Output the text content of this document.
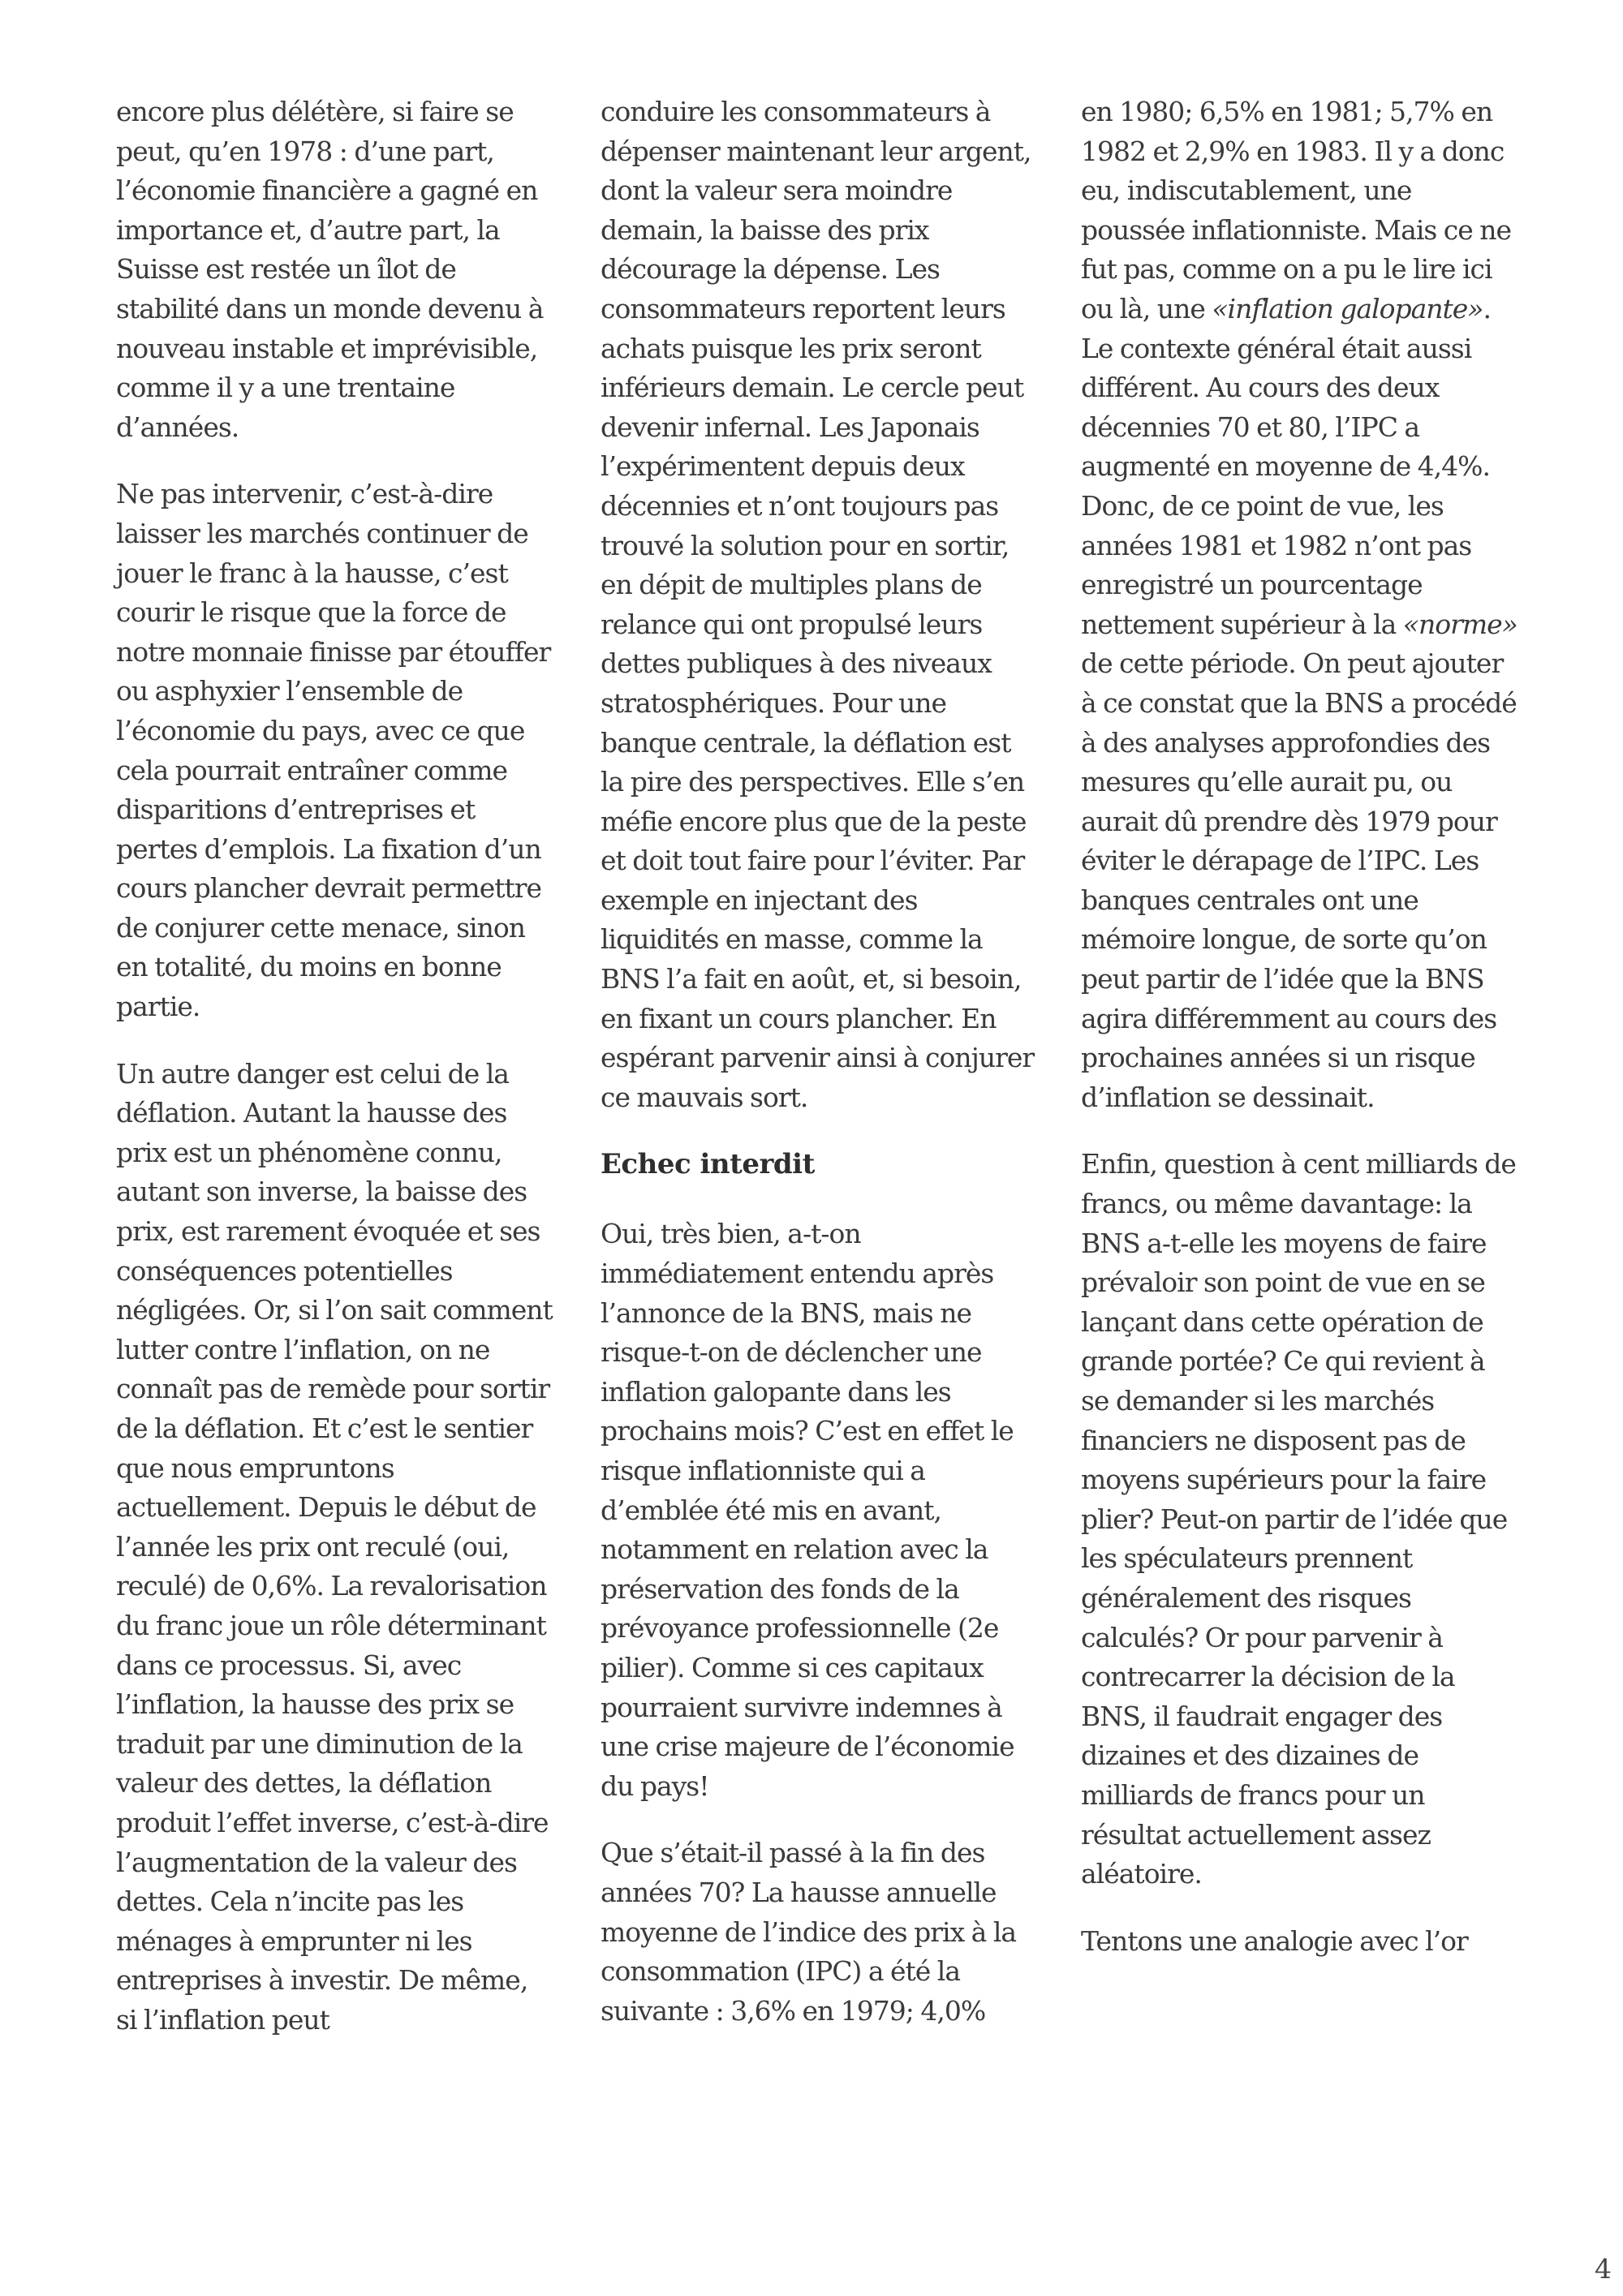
encore plus délétère, si faire se peut, qu’en 1978 : d’une part, l’économie financière a gagné en importance et, d’autre part, la Suisse est restée un îlot de stabilité dans un monde devenu à nouveau instable et imprévisible, comme il y a une trentaine d’années.

Ne pas intervenir, c’est-à-dire laisser les marchés continuer de jouer le franc à la hausse, c’est courir le risque que la force de notre monnaie finisse par étouffer ou asphyxier l’ensemble de l’économie du pays, avec ce que cela pourrait entraîner comme disparitions d’entreprises et pertes d’emplois. La fixation d’un cours plancher devrait permettre de conjurer cette menace, sinon en totalité, du moins en bonne partie.

Un autre danger est celui de la déflation. Autant la hausse des prix est un phénomène connu, autant son inverse, la baisse des prix, est rarement évoquée et ses conséquences potentielles négligées. Or, si l’on sait comment lutter contre l’inflation, on ne connaît pas de remède pour sortir de la déflation. Et c’est le sentier que nous empruntons actuellement. Depuis le début de l’année les prix ont reculé (oui, reculé) de 0,6%. La revalorisation du franc joue un rôle déterminant dans ce processus. Si, avec l’inflation, la hausse des prix se traduit par une diminution de la valeur des dettes, la déflation produit l’effet inverse, c’est-à-dire l’augmentation de la valeur des dettes. Cela n’incite pas les ménages à emprunter ni les entreprises à investir. De même, si l’inflation peut

conduire les consommateurs à dépenser maintenant leur argent, dont la valeur sera moindre demain, la baisse des prix décourage la dépense. Les consommateurs reportent leurs achats puisque les prix seront inférieurs demain. Le cercle peut devenir infernal. Les Japonais l’expérimentent depuis deux décennies et n’ont toujours pas trouvé la solution pour en sortir, en dépit de multiples plans de relance qui ont propulsé leurs dettes publiques à des niveaux stratosphériques. Pour une banque centrale, la déflation est la pire des perspectives. Elle s’en méfie encore plus que de la peste et doit tout faire pour l’éviter. Par exemple en injectant des liquidités en masse, comme la BNS l’a fait en août, et, si besoin, en fixant un cours plancher. En espérant parvenir ainsi à conjurer ce mauvais sort.

Echec interdit

Oui, très bien, a-t-on immédiatement entendu après l’annonce de la BNS, mais ne risque-t-on de déclencher une inflation galopante dans les prochains mois? C’est en effet le risque inflationniste qui a d’emblée été mis en avant, notamment en relation avec la préservation des fonds de la prévoyance professionnelle (2e pilier). Comme si ces capitaux pourraient survivre indemnes à une crise majeure de l’économie du pays!

Que s’était-il passé à la fin des années 70? La hausse annuelle moyenne de l’indice des prix à la consommation (IPC) a été la suivante : 3,6% en 1979; 4,0%

en 1980; 6,5% en 1981; 5,7% en 1982 et 2,9% en 1983. Il y a donc eu, indiscutablement, une poussée inflationniste. Mais ce ne fut pas, comme on a pu le lire ici ou là, une «inflation galopante». Le contexte général était aussi différent. Au cours des deux décennies 70 et 80, l’IPC a augmenté en moyenne de 4,4%. Donc, de ce point de vue, les années 1981 et 1982 n’ont pas enregistré un pourcentage nettement supérieur à la «norme» de cette période. On peut ajouter à ce constat que la BNS a procédé à des analyses approfondies des mesures qu’elle aurait pu, ou aurait dû prendre dès 1979 pour éviter le dérapage de l’IPC. Les banques centrales ont une mémoire longue, de sorte qu’on peut partir de l’idée que la BNS agira différemment au cours des prochaines années si un risque d’inflation se dessinait.

Enfin, question à cent milliards de francs, ou même davantage: la BNS a-t-elle les moyens de faire prévaloir son point de vue en se lançant dans cette opération de grande portée? Ce qui revient à se demander si les marchés financiers ne disposent pas de moyens supérieurs pour la faire plier? Peut-on partir de l’idée que les spéculateurs prennent généralement des risques calculés? Or pour parvenir à contrecarrer la décision de la BNS, il faudrait engager des dizaines et des dizaines de milliards de francs pour un résultat actuellement assez aléatoire.

Tentons une analogie avec l’or

4
